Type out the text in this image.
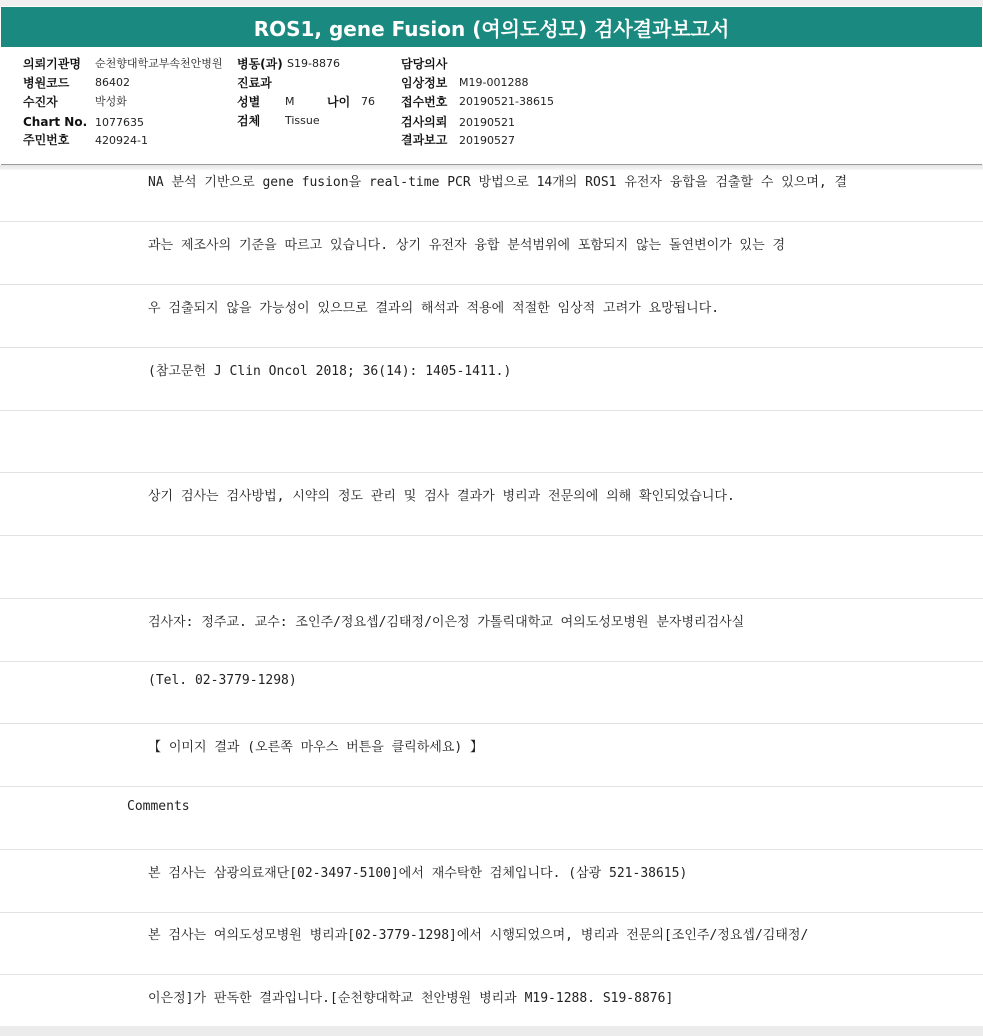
ROS1, gene Fusion (여의도성모) 검사결과보고서
의뢰기관명 순천향대학교부속천안병원 병동(과) S19-8876	담당의사
병원코드 86402	진료과	임상정보 M19-001288
수진자	박성화	성별 M	나이 76 접수번호 20190521-38615
Chart No. 1077635	검체 Tissue	검사의뢰 20190521
주민번호 420924-1	결과보고 20190527
NA 분석 기반으로 gene fusion을 real-time PCR 방법으로 14개의 ROS1 유전자 융합을 검출할 수 있으며, 결
과는 제조사의 기준을 따르고 있습니다. 상기 유전자 융합 분석범위에 포함되지 않는 돌연변이가 있는 경
우 검출되지 않을 가능성이 있으므로 결과의 해석과 적용에 적절한 임상적 고려가 요망됩니다.
(참고문헌 J Clin Oncol 2018; 36(14): 1405-1411.)
상기 검사는 검사방법, 시약의 정도 관리 및 검사 결과가 병리과 전문의에 의해 확인되었습니다.
검사자: 정주교. 교수: 조인주/정요셉/김태정/이은정 가톨릭대학교 여의도성모병원 분자병리검사실
(Tel. 02-3779-1298)
【 이미지 결과 (오른쪽 마우스 버튼을 클릭하세요) 】
Comments
본 검사는 삼광의료재단[02-3497-5100]에서 재수탁한 검체입니다. (삼광 521-38615)
본 검사는 여의도성모병원 병리과[02-3779-1298]에서 시행되었으며, 병리과 전문의[조인주/정요셉/김태정/
이은정]가 판독한 결과입니다.[순천향대학교 천안병원 병리과 M19-1288. S19-8876]
